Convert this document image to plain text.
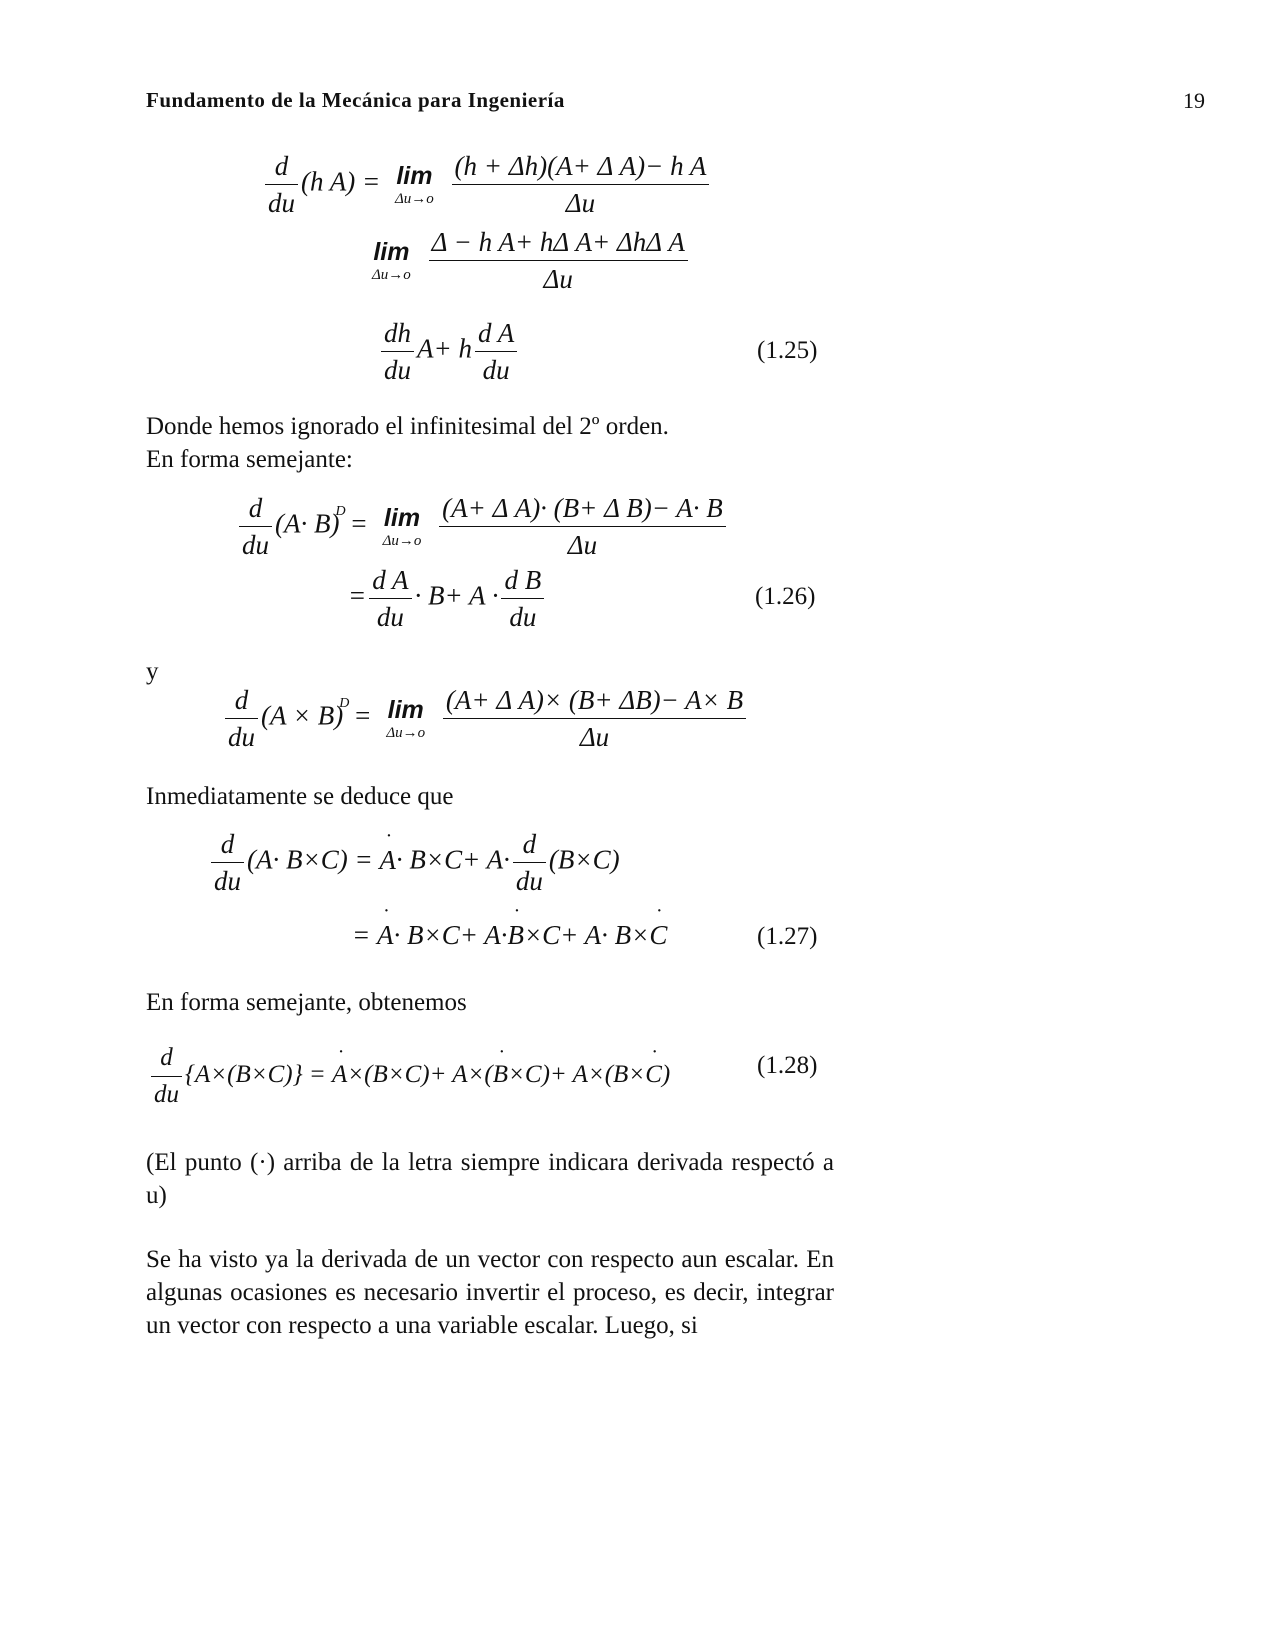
Fundamento de la Mecánica para Ingeniería	19
$\frac{d}{du} (h$ A) = lim
Δu→o
$\frac{\text{(h + Δh)(A+ Δ A)− h A}}{\Delta u}$
lim
Δu→o
$\frac{\text{Δ − h A+ hΔ A+ ΔhΔ A}}{\Delta u}$
$\frac{dh}{du} A+ h \frac{\text{d A}}{du}$	(1.25)
Donde hemos ignorado el infinitesimal del 2º orden.
En forma semejante:
$\frac{d}{du} (A\cdot B)^D = \lim$
Δu→o
$\frac{\text{(A+ Δ A)· (B+ Δ B)− A· B}}{\Delta u}$
= $\frac{\text{d A}}{du} \cdot B+ A \cdot \frac{\text{d B}}{du}$	(1.26)
y
$\frac{d}{du} (A \times B)^D = \lim$
Δu→o
$\frac{\text{(A+ Δ A)× (B+ ΔB)− A× B}}{\Delta u}$
Inmediatamente se deduce que
$\frac{d}{du} (A\cdot B\times C)$ = ˙ $A\cdot B\times C+ A\cdot \frac{d}{du} (B\times C)$
= ˙ A· B×C+ A·˙ B×C+ A· B×˙ C	(1.27)
En forma semejante, obtenemos
$\frac{d}{du} \{A\times(B\times C)\}$ = ˙ A×(B×C)+ A×(˙ B×C)+ A×(B×˙ C)	(1.28)
(El punto (·) arriba de la letra siempre indicara derivada respectó a u)
Se ha visto ya la derivada de un vector con respecto aun escalar. En algunas ocasiones es necesario invertir el proceso, es decir, integrar un vector con respecto a una variable escalar. Luego, si
